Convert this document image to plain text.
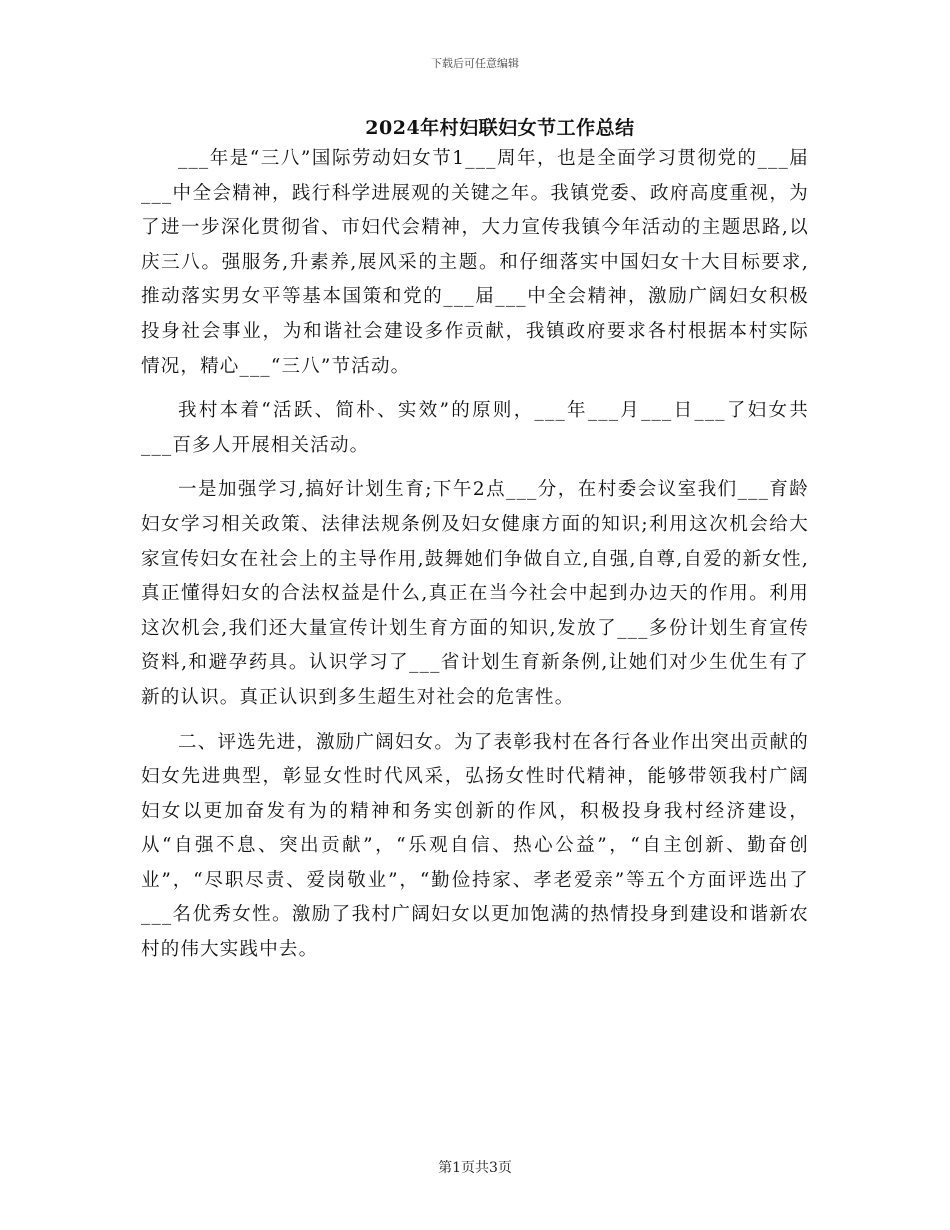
下载后可任意编辑
2024年村妇联妇女节工作总结

___年是“三八”国际劳动妇女节1___周年，也是全面学习贯彻党的___届___中全会精神，践行科学进展观的关键之年。我镇党委、政府高度重视，为了进一步深化贯彻省、市妇代会精神，大力宣传我镇今年活动的主题思路,以庆三八。强服务,升素养,展风采的主题。和仔细落实中国妇女十大目标要求,推动落实男女平等基本国策和党的___届___中全会精神，激励广阔妇女积极投身社会事业，为和谐社会建设多作贡献，我镇政府要求各村根据本村实际情况，精心___“三八”节活动。

我村本着“活跃、简朴、实效”的原则，___年___月___日___了妇女共___百多人开展相关活动。

一是加强学习,搞好计划生育;下午2点___分，在村委会议室我们___育龄妇女学习相关政策、法律法规条例及妇女健康方面的知识;利用这次机会给大家宣传妇女在社会上的主导作用,鼓舞她们争做自立,自强,自尊,自爱的新女性,真正懂得妇女的合法权益是什么,真正在当今社会中起到办边天的作用。利用这次机会,我们还大量宣传计划生育方面的知识,发放了___多份计划生育宣传资料,和避孕药具。认识学习了___省计划生育新条例,让她们对少生优生有了新的认识。真正认识到多生超生对社会的危害性。

二、评选先进，激励广阔妇女。为了表彰我村在各行各业作出突出贡献的妇女先进典型，彰显女性时代风采，弘扬女性时代精神，能够带领我村广阔妇女以更加奋发有为的精神和务实创新的作风，积极投身我村经济建设，从“自强不息、突出贡献”，“乐观自信、热心公益”，“自主创新、勤奋创业”，“尽职尽责、爱岗敬业”，“勤俭持家、孝老爱亲”等五个方面评选出了___名优秀女性。激励了我村广阔妇女以更加饱满的热情投身到建设和谐新农村的伟大实践中去。

第1页共3页
